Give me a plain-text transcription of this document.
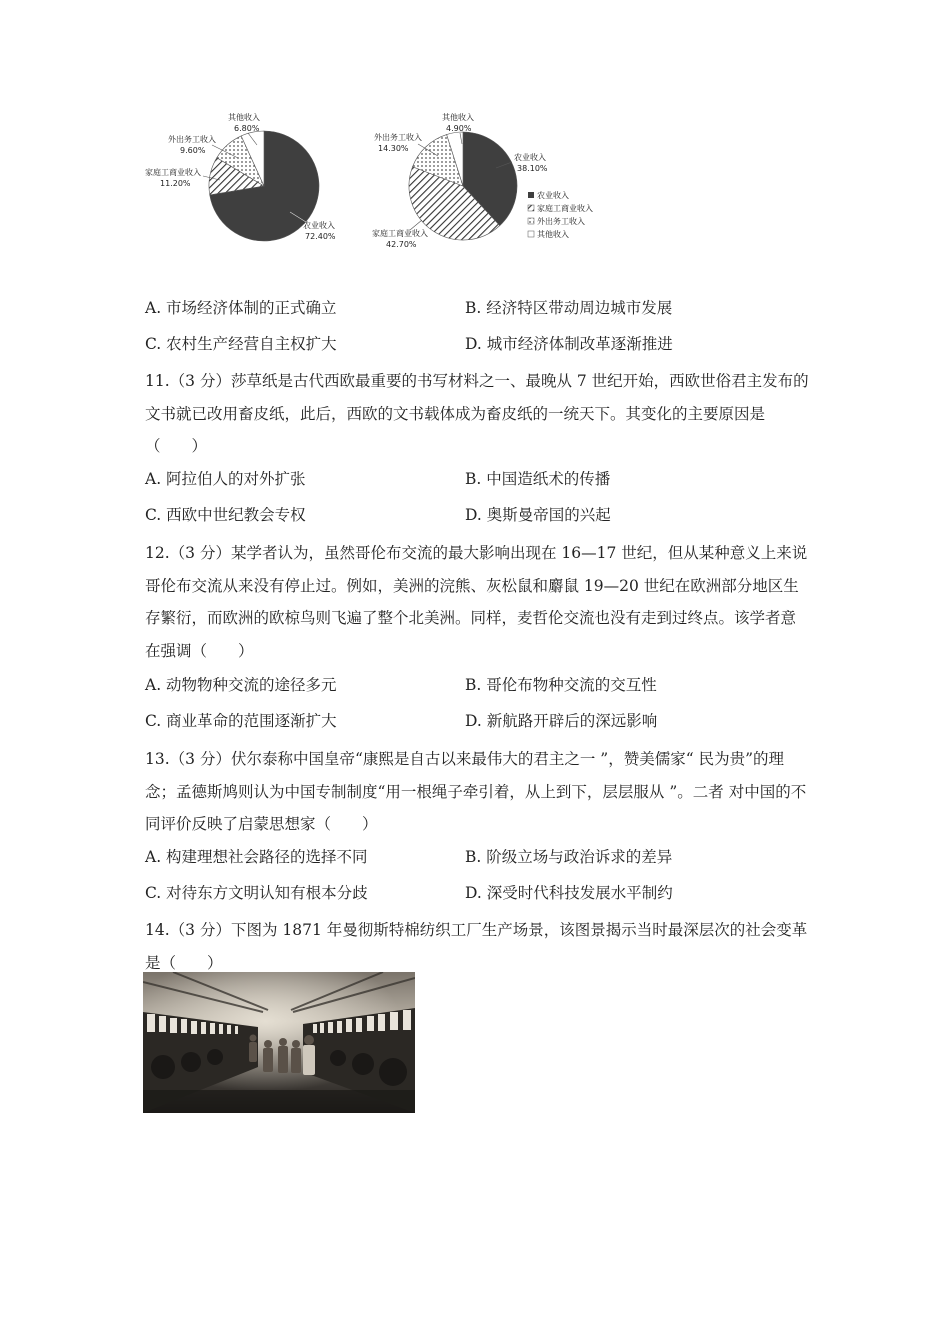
其他收入
6.80%
外出务工收入
9.60%
家庭工商业收入
11.20%
农业收入
72.40%
其他收入
4.90%
外出务工收入
14.30%
农业收入
38.10%
家庭工商业收入
42.70%
农业收入
家庭工商业收入
外出务工收入
其他收入
A. 市场经济体制的正式确立	B. 经济特区带动周边城市发展
C. 农村生产经营自主权扩大	D. 城市经济体制改革逐渐推进
11.（3 分）莎草纸是古代西欧最重要的书写材料之一、最晚从 7 世纪开始，西欧世俗君主发布的文书就已改用畜皮纸，此后，西欧的文书载体成为畜皮纸的一统天下。其变化的主要原因是（　　）
A. 阿拉伯人的对外扩张	B. 中国造纸术的传播
C. 西欧中世纪教会专权	D. 奥斯曼帝国的兴起
12.（3 分）某学者认为，虽然哥伦布交流的最大影响出现在 16—17 世纪，但从某种意义上来说哥伦布交流从来没有停止过。例如，美洲的浣熊、灰松鼠和麝鼠 19—20 世纪在欧洲部分地区生存繁衍，而欧洲的欧椋鸟则飞遍了整个北美洲。同样，麦哲伦交流也没有走到过终点。该学者意在强调（　　）
A. 动物物种交流的途径多元	B. 哥伦布物种交流的交互性
C. 商业革命的范围逐渐扩大	D. 新航路开辟后的深远影响
13.（3 分）伏尔泰称中国皇帝“康熙是自古以来最伟大的君主之一 ”，赞美儒家“ 民为贵”的理念；孟德斯鸠则认为中国专制制度“用一根绳子牵引着，从上到下，层层服从 ”。二者 对中国的不同评价反映了启蒙思想家（　　）
A. 构建理想社会路径的选择不同	B. 阶级立场与政治诉求的差异
C. 对待东方文明认知有根本分歧	D. 深受时代科技发展水平制约
14.（3 分）下图为 1871 年曼彻斯特棉纺织工厂生产场景，该图景揭示当时最深层次的社会变革是（　　）
